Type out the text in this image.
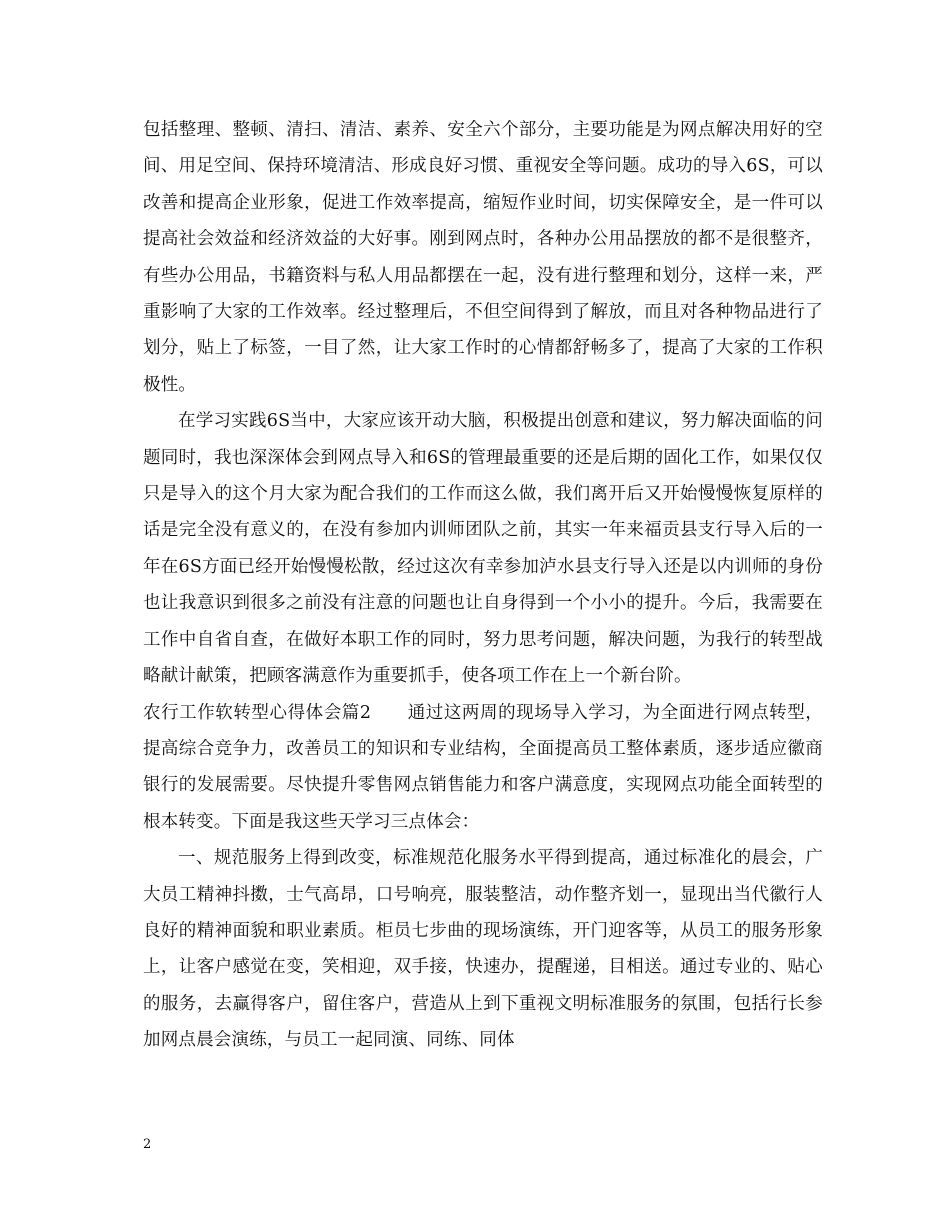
包括整理、整顿、清扫、清洁、素养、安全六个部分，主要功能是为网点解决用好的空间、用足空间、保持环境清洁、形成良好习惯、重视安全等问题。成功的导入6S，可以改善和提高企业形象，促进工作效率提高，缩短作业时间，切实保障安全，是一件可以提高社会效益和经济效益的大好事。刚到网点时，各种办公用品摆放的都不是很整齐，有些办公用品，书籍资料与私人用品都摆在一起，没有进行整理和划分，这样一来，严重影响了大家的工作效率。经过整理后，不但空间得到了解放，而且对各种物品进行了划分，贴上了标签，一目了然，让大家工作时的心情都舒畅多了，提高了大家的工作积极性。

在学习实践6S当中，大家应该开动大脑，积极提出创意和建议，努力解决面临的问题同时，我也深深体会到网点导入和6S的管理最重要的还是后期的固化工作，如果仅仅只是导入的这个月大家为配合我们的工作而这么做，我们离开后又开始慢慢恢复原样的话是完全没有意义的，在没有参加内训师团队之前，其实一年来福贡县支行导入后的一年在6S方面已经开始慢慢松散，经过这次有幸参加泸水县支行导入还是以内训师的身份也让我意识到很多之前没有注意的问题也让自身得到一个小小的提升。今后，我需要在工作中自省自查，在做好本职工作的同时，努力思考问题，解决问题，为我行的转型战略献计献策，把顾客满意作为重要抓手，使各项工作在上一个新台阶。

农行工作软转型心得体会篇2　　通过这两周的现场导入学习，为全面进行网点转型，提高综合竞争力，改善员工的知识和专业结构，全面提高员工整体素质，逐步适应徽商银行的发展需要。尽快提升零售网点销售能力和客户满意度，实现网点功能全面转型的根本转变。下面是我这些天学习三点体会：

一、规范服务上得到改变，标准规范化服务水平得到提高，通过标准化的晨会，广大员工精神抖擞，士气高昂，口号响亮，服装整洁，动作整齐划一，显现出当代徽行人良好的精神面貌和职业素质。柜员七步曲的现场演练，开门迎客等，从员工的服务形象上，让客户感觉在变，笑相迎，双手接，快速办，提醒递，目相送。通过专业的、贴心的服务，去赢得客户，留住客户，营造从上到下重视文明标准服务的氛围，包括行长参加网点晨会演练，与员工一起同演、同练、同体

2
